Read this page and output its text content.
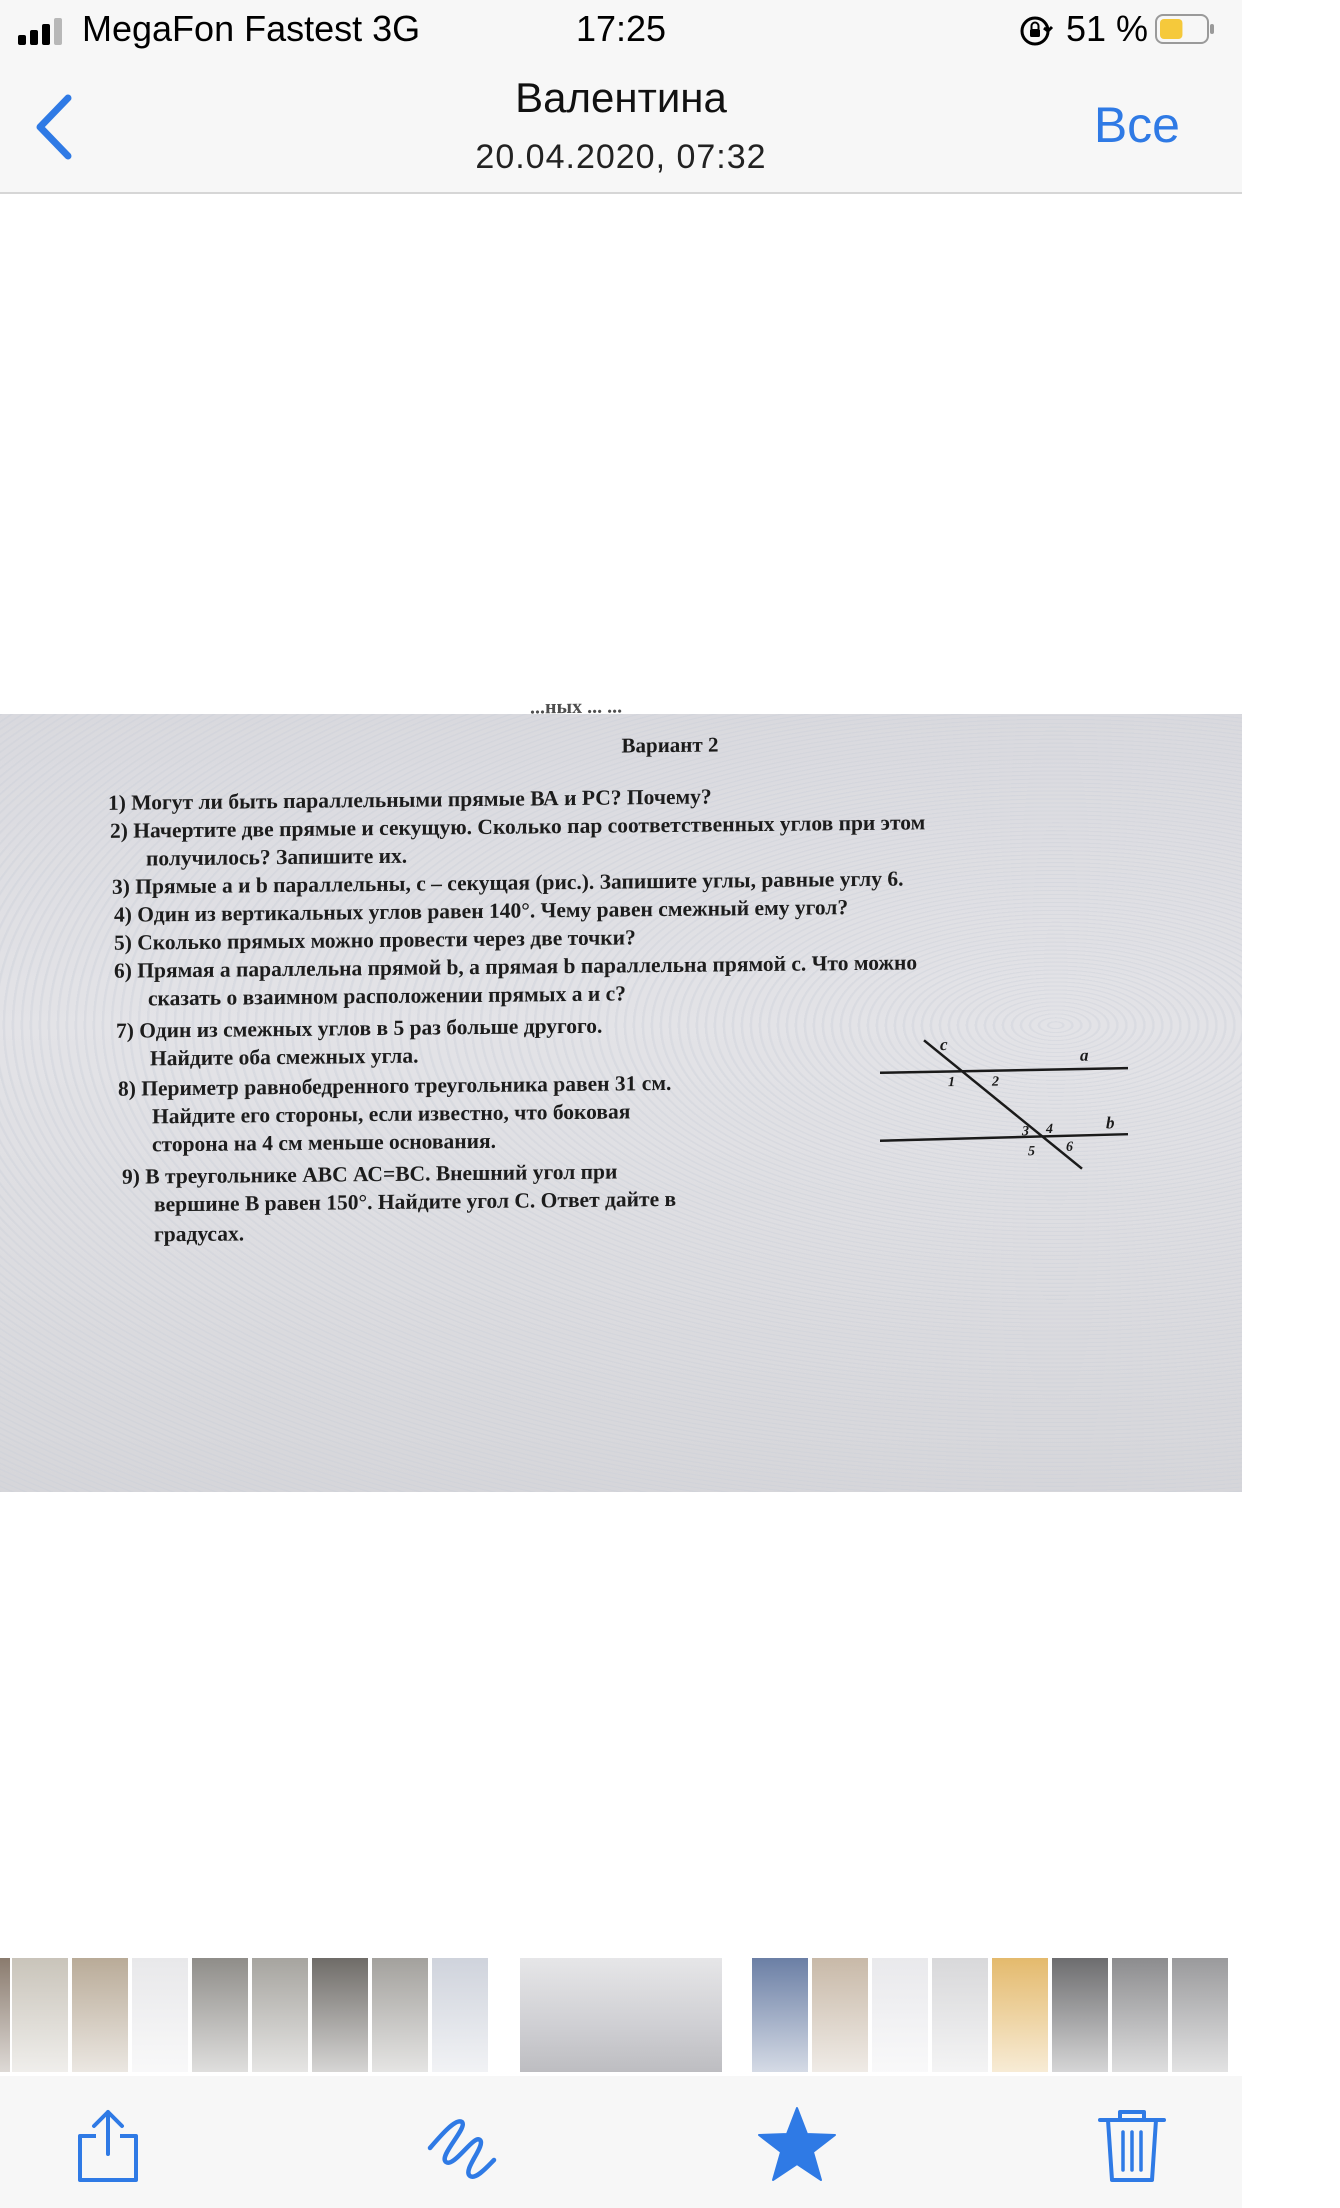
MegaFon Fastest 3G	17:25	51 %
Валентина
20.04.2020, 07:32
Все
...ных ... ...
Вариант 2
1) Могут ли быть параллельными прямые ВА и РС? Почему?
2) Начертите две прямые и секущую. Сколько пар соответственных углов при этом
получилось? Запишите их.
3) Прямые a и b параллельны, c – секущая (рис.). Запишите углы, равные углу 6.
4) Один из вертикальных углов равен 140°. Чему равен смежный ему угол?
5) Сколько прямых можно провести через две точки?
6) Прямая a параллельна прямой b, а прямая b параллельна прямой c. Что можно
сказать о взаимном расположении прямых a и c?
7) Один из смежных углов в 5 раз больше другого.
Найдите оба смежных угла.
8) Периметр равнобедренного треугольника равен 31 см.
Найдите его стороны, если известно, что боковая
сторона на 4 см меньше основания.
9) В треугольнике АВС АС=ВС. Внешний угол при
вершине В равен 150°. Найдите угол С. Ответ дайте в
градусах.
c
a
b
1	2
3 4
5 6
